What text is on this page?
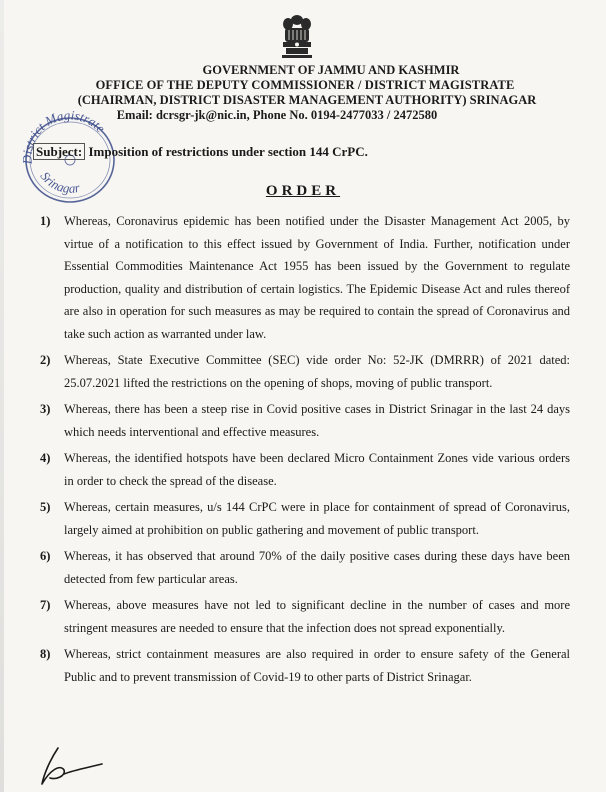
GOVERNMENT OF JAMMU AND KASHMIR
OFFICE OF THE DEPUTY COMMISSIONER / DISTRICT MAGISTRATE
(CHAIRMAN, DISTRICT DISASTER MANAGEMENT AUTHORITY) SRINAGAR
Email: dcrsgr-jk@nic.in, Phone No. 0194-2477033 / 2472580
District Magistrate
Srinagar
Subject: Imposition of restrictions under section 144 CrPC.
ORDER
1)	Whereas, Coronavirus epidemic has been notified under the Disaster Management Act 2005, by virtue of a notification to this effect issued by Government of India. Further, notification under Essential Commodities Maintenance Act 1955 has been issued by the Government to regulate production, quality and distribution of certain logistics. The Epidemic Disease Act and rules thereof are also in operation for such measures as may be required to contain the spread of Coronavirus and take such action as warranted under law.
2)	Whereas, State Executive Committee (SEC) vide order No: 52-JK (DMRRR) of 2021 dated: 25.07.2021 lifted the restrictions on the opening of shops, moving of public transport.
3)	Whereas, there has been a steep rise in Covid positive cases in District Srinagar in the last 24 days which needs interventional and effective measures.
4)	Whereas, the identified hotspots have been declared Micro Containment Zones vide various orders in order to check the spread of the disease.
5)	Whereas, certain measures, u/s 144 CrPC were in place for containment of spread of Coronavirus, largely aimed at prohibition on public gathering and movement of public transport.
6)	Whereas, it has observed that around 70% of the daily positive cases during these days have been detected from few particular areas.
7)	Whereas, above measures have not led to significant decline in the number of cases and more stringent measures are needed to ensure that the infection does not spread exponentially.
8)	Whereas, strict containment measures are also required in order to ensure safety of the General Public and to prevent transmission of Covid-19 to other parts of District Srinagar.
